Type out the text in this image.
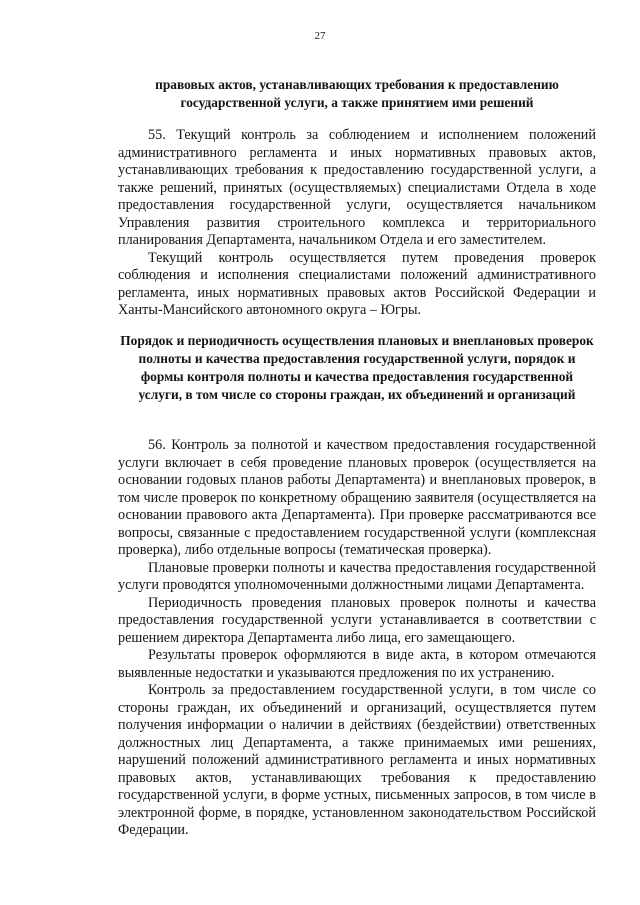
27

правовых актов, устанавливающих требования к предоставлению государственной услуги, а также принятием ими решений

55. Текущий контроль за соблюдением и исполнением положений административного регламента и иных нормативных правовых актов, устанавливающих требования к предоставлению государственной услуги, а также решений, принятых (осуществляемых) специалистами Отдела в ходе предоставления государственной услуги, осуществляется начальником Управления развития строительного комплекса и территориального планирования Департамента, начальником Отдела и его заместителем.

Текущий контроль осуществляется путем проведения проверок соблюдения и исполнения специалистами положений административного регламента, иных нормативных правовых актов Российской Федерации и Ханты-Мансийского автономного округа – Югры.

Порядок и периодичность осуществления плановых и внеплановых проверок полноты и качества предоставления государственной услуги, порядок и формы контроля полноты и качества предоставления государственной услуги, в том числе со стороны граждан, их объединений и организаций

56. Контроль за полнотой и качеством предоставления государственной услуги включает в себя проведение плановых проверок (осуществляется на основании годовых планов работы Департамента) и внеплановых проверок, в том числе проверок по конкретному обращению заявителя (осуществляется на основании правового акта Департамента). При проверке рассматриваются все вопросы, связанные с предоставлением государственной услуги (комплексная проверка), либо отдельные вопросы (тематическая проверка).

Плановые проверки полноты и качества предоставления государственной услуги проводятся уполномоченными должностными лицами Департамента.

Периодичность проведения плановых проверок полноты и качества предоставления государственной услуги устанавливается в соответствии с решением директора Департамента либо лица, его замещающего.

Результаты проверок оформляются в виде акта, в котором отмечаются выявленные недостатки и указываются предложения по их устранению.

Контроль за предоставлением государственной услуги, в том числе со стороны граждан, их объединений и организаций, осуществляется путем получения информации о наличии в действиях (бездействии) ответственных должностных лиц Департамента, а также принимаемых ими решениях, нарушений положений административного регламента и иных нормативных правовых актов, устанавливающих требования к предоставлению государственной услуги, в форме устных, письменных запросов, в том числе в электронной форме, в порядке, установленном законодательством Российской Федерации.
